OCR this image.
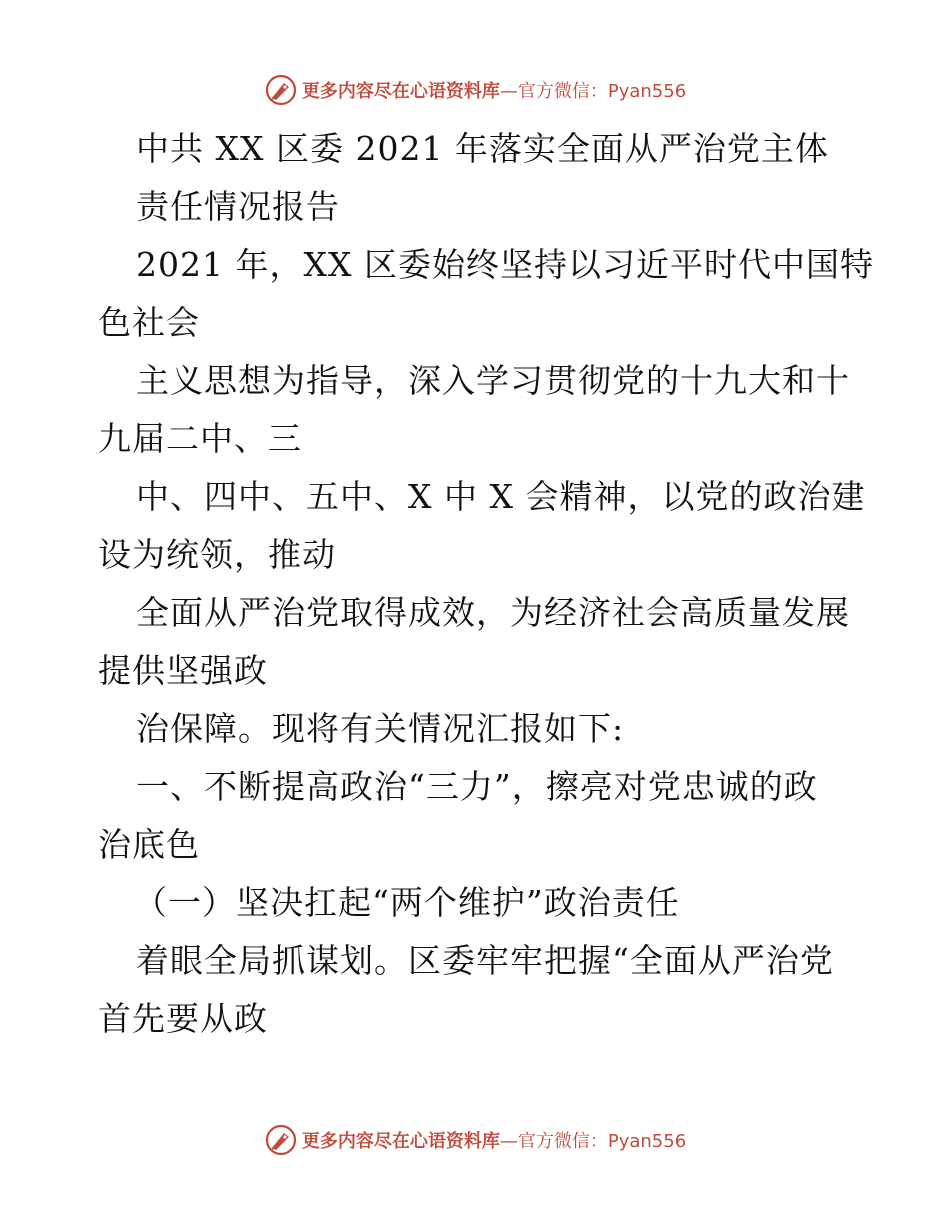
更多内容尽在心语资料库 —官方微信：Pyan556
中共 XX 区委 2021 年落实全面从严治党主体
责任情况报告
2021 年，XX 区委始终坚持以习近平时代中国特
色社会
主义思想为指导，深入学习贯彻党的十九大和十
九届二中、三
中、四中、五中、X 中 X 会精神，以党的政治建
设为统领，推动
全面从严治党取得成效，为经济社会高质量发展
提供坚强政
治保障。现将有关情况汇报如下:
一、不断提高政治“三力”，擦亮对党忠诚的政
治底色
（一）坚决扛起“两个维护”政治责任
着眼全局抓谋划。区委牢牢把握“全面从严治党
首先要从政
更多内容尽在心语资料库 —官方微信：Pyan556
